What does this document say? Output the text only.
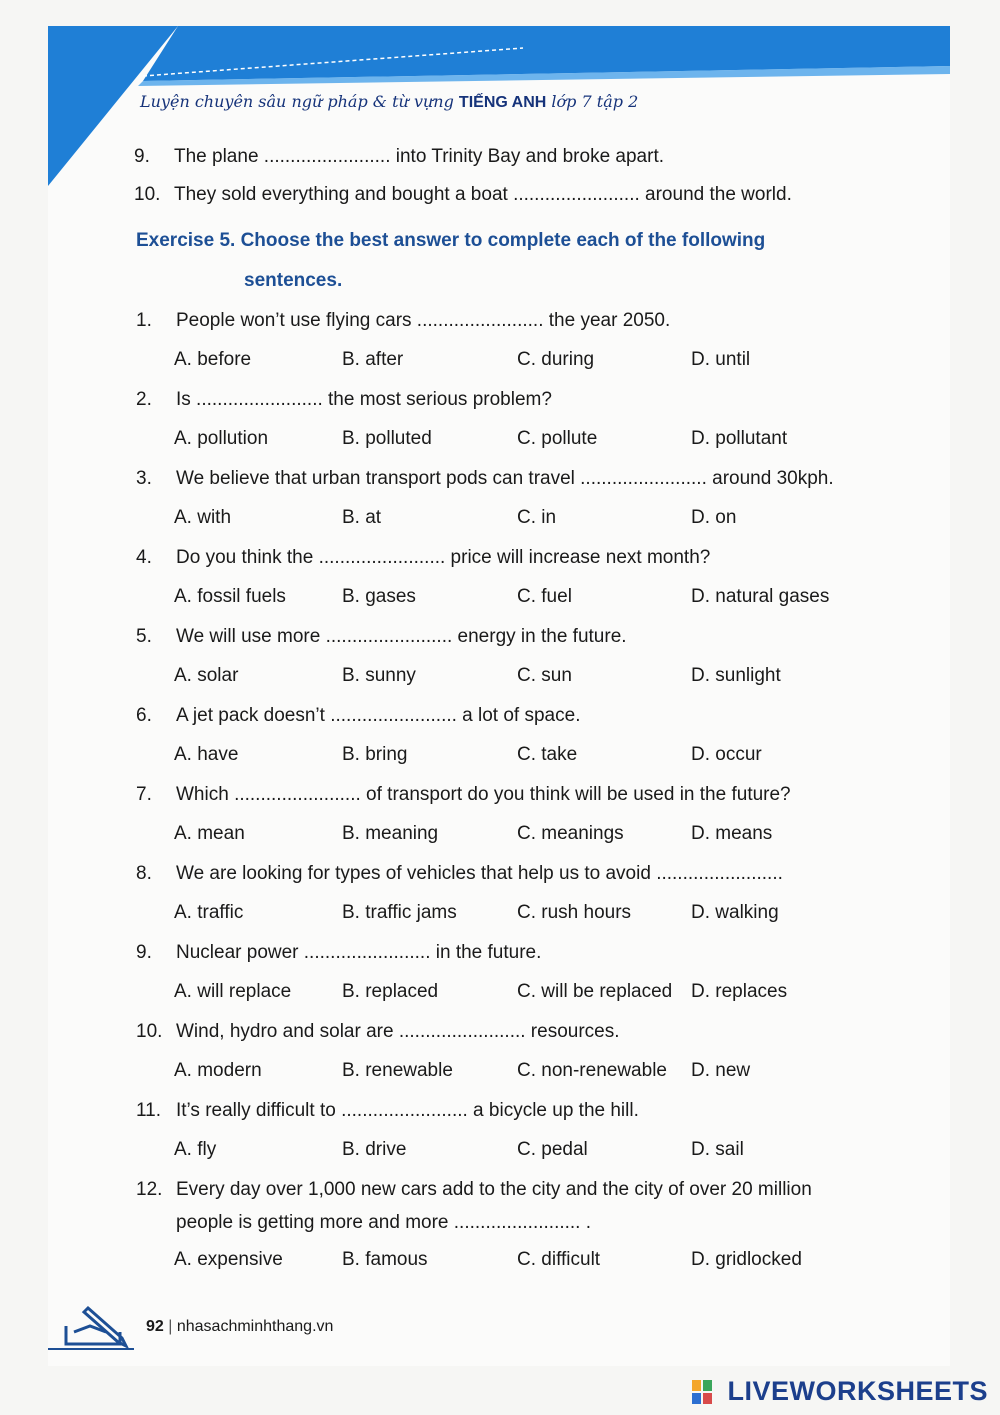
Luyện chuyên sâu ngữ pháp & từ vựng TIẾNG ANH lớp 7 tập 2
9.	The plane ........................ into Trinity Bay and broke apart.
10. They sold everything and bought a boat ........................ around the world.
Exercise 5. Choose the best answer to complete each of the following
sentences.
1.	People won’t use flying cars ........................ the year 2050.
A. before	B. after	C. during	D. until
2.	Is ........................ the most serious problem?
A. pollution	B. polluted	C. pollute	D. pollutant
3.	We believe that urban transport pods can travel ........................ around 30kph.
A. with	B. at	C. in	D. on
4.	Do you think the ........................ price will increase next month?
A. fossil fuels	B. gases	C. fuel	D. natural gases
5.	We will use more ........................ energy in the future.
A. solar	B. sunny	C. sun	D. sunlight
6.	A jet pack doesn’t ........................ a lot of space.
A. have	B. bring	C. take	D. occur
7.	Which ........................ of transport do you think will be used in the future?
A. mean	B. meaning	C. meanings	D. means
8.	We are looking for types of vehicles that help us to avoid ........................
A. traffic	B. traffic jams	C. rush hours	D. walking
9.	Nuclear power ........................ in the future.
A. will replace	B. replaced	C. will be replaced D. replaces
10. Wind, hydro and solar are ........................ resources.
A. modern	B. renewable	C. non-renewable D. new
11. It’s really difficult to ........................ a bicycle up the hill.
A. fly	B. drive	C. pedal	D. sail
12. Every day over 1,000 new cars add to the city and the city of over 20 million
people is getting more and more ........................ .
A. expensive	B. famous	C. difficult	D. gridlocked
92 | nhasachminhthang.vn
LIVEWORKSHEETS
